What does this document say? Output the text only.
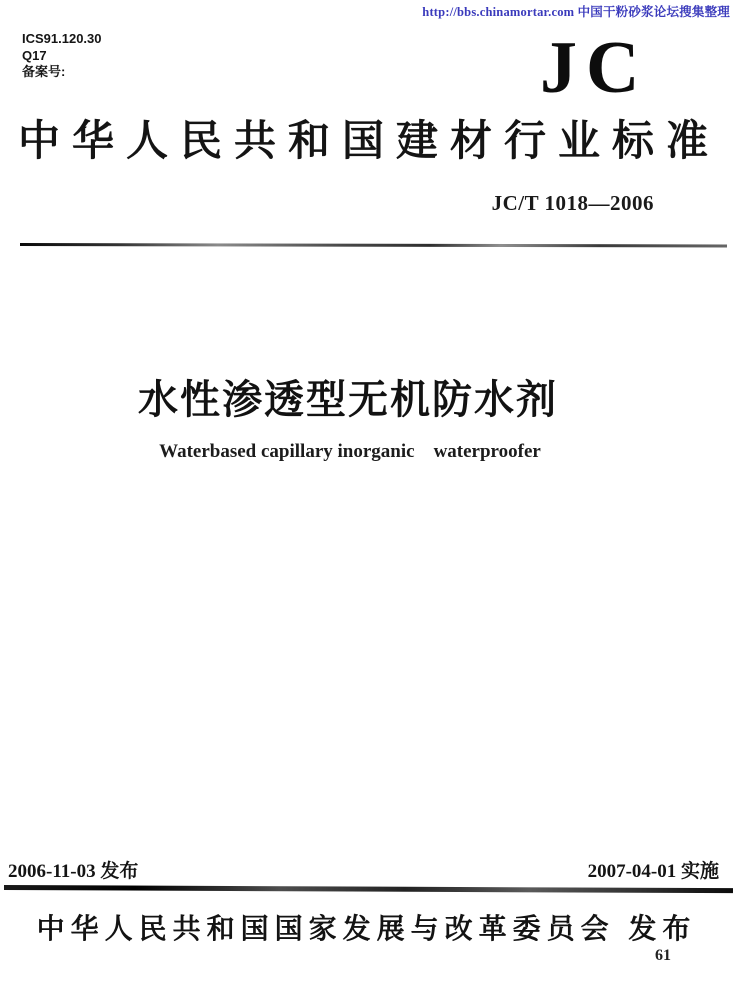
http://bbs.chinamortar.com 中国干粉砂浆论坛搜集整理
ICS91.120.30
Q17
备案号:	JC
中华人民共和国建材行业标准
JC/T 1018—2006
水性渗透型无机防水剂
Waterbased capillary inorganic    waterproofer
2006-11-03 发布	2007-04-01 实施
中华人民共和国国家发展与改革委员会 发布
61
